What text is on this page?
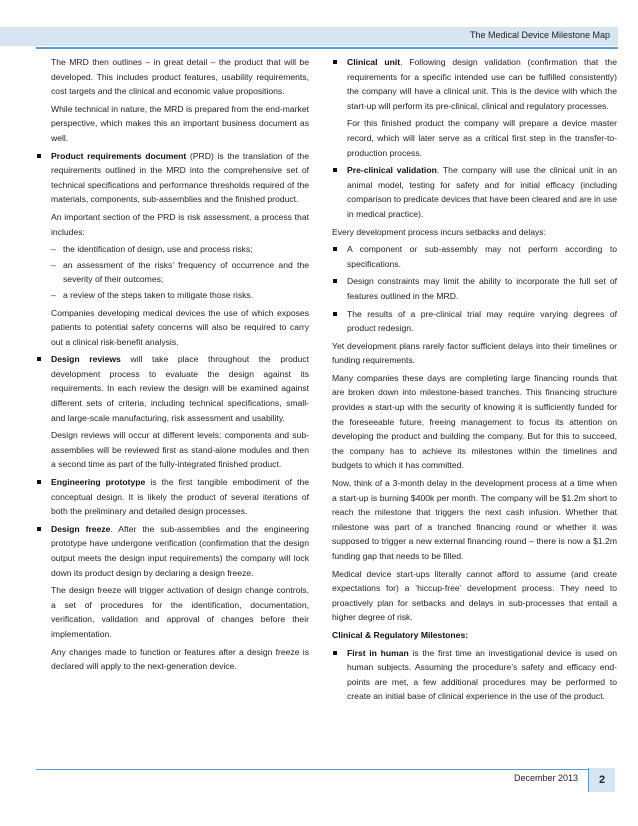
The Medical Device Milestone Map

The MRD then outlines – in great detail – the product that will be developed. This includes product features, usability requirements, cost targets and the clinical and economic value propositions.

While technical in nature, the MRD is prepared from the end-market perspective, which makes this an important business document as well.

Product requirements document (PRD) is the translation of the requirements outlined in the MRD into the comprehensive set of technical specifications and performance thresholds required of the materials, components, sub-assemblies and the finished product.

An important section of the PRD is risk assessment, a process that includes:

– the identification of design, use and process risks;
– an assessment of the risks’ frequency of occurrence and the severity of their outcomes;
– a review of the steps taken to mitigate those risks.

Companies developing medical devices the use of which exposes patients to potential safety concerns will also be required to carry out a clinical risk-benefit analysis.

Design reviews will take place throughout the product development process to evaluate the design against its requirements. In each review the design will be examined against different sets of criteria, including technical specifications, small- and large-scale manufacturing, risk assessment and usability.

Design reviews will occur at different levels: components and sub-assemblies will be reviewed first as stand-alone modules and then a second time as part of the fully-integrated finished product.

Engineering prototype is the first tangible embodiment of the conceptual design. It is likely the product of several iterations of both the preliminary and detailed design processes.
Design freeze. After the sub-assemblies and the engineering prototype have undergone verification (confirmation that the design output meets the design input requirements) the company will lock down its product design by declaring a design freeze.

The design freeze will trigger activation of design change controls, a set of procedures for the identification, documentation, verification, validation and approval of changes before their implementation.

Any changes made to function or features after a design freeze is declared will apply to the next-generation device.

Clinical unit. Following design validation (confirmation that the requirements for a specific intended use can be fulfilled consistently) the company will have a clinical unit. This is the device with which the start-up will perform its pre-clinical, clinical and regulatory processes.

For this finished product the company will prepare a device master record, which will later serve as a critical first step in the transfer-to-production process.

Pre-clinical validation. The company will use the clinical unit in an animal model, testing for safety and for initial efficacy (including comparison to predicate devices that have been cleared and are in use in medical practice).

Every development process incurs setbacks and delays:

A component or sub-assembly may not perform according to specifications.
Design constraints may limit the ability to incorporate the full set of features outlined in the MRD.
The results of a pre-clinical trial may require varying degrees of product redesign.

Yet development plans rarely factor sufficient delays into their timelines or funding requirements.

Many companies these days are completing large financing rounds that are broken down into milestone-based tranches. This financing structure provides a start-up with the security of knowing it is sufficiently funded for the foreseeable future, freeing management to focus its attention on developing the product and building the company. But for this to succeed, the company has to achieve its milestones within the timelines and budgets to which it has committed.

Now, think of a 3-month delay in the development process at a time when a start-up is burning $400k per month. The company will be $1.2m short to reach the milestone that triggers the next cash infusion. Whether that milestone was part of a tranched financing round or whether it was supposed to trigger a new external financing round – there is now a $1.2m funding gap that needs to be filled.

Medical device start-ups literally cannot afford to assume (and create expectations for) a ‘hiccup-free’ development process. They need to proactively plan for setbacks and delays in sub-processes that entail a higher degree of risk.

Clinical & Regulatory Milestones:

First in human is the first time an investigational device is used on human subjects. Assuming the procedure’s safety and efficacy end-points are met, a few additional procedures may be performed to create an initial base of clinical experience in the use of the product.
December 2013	2
